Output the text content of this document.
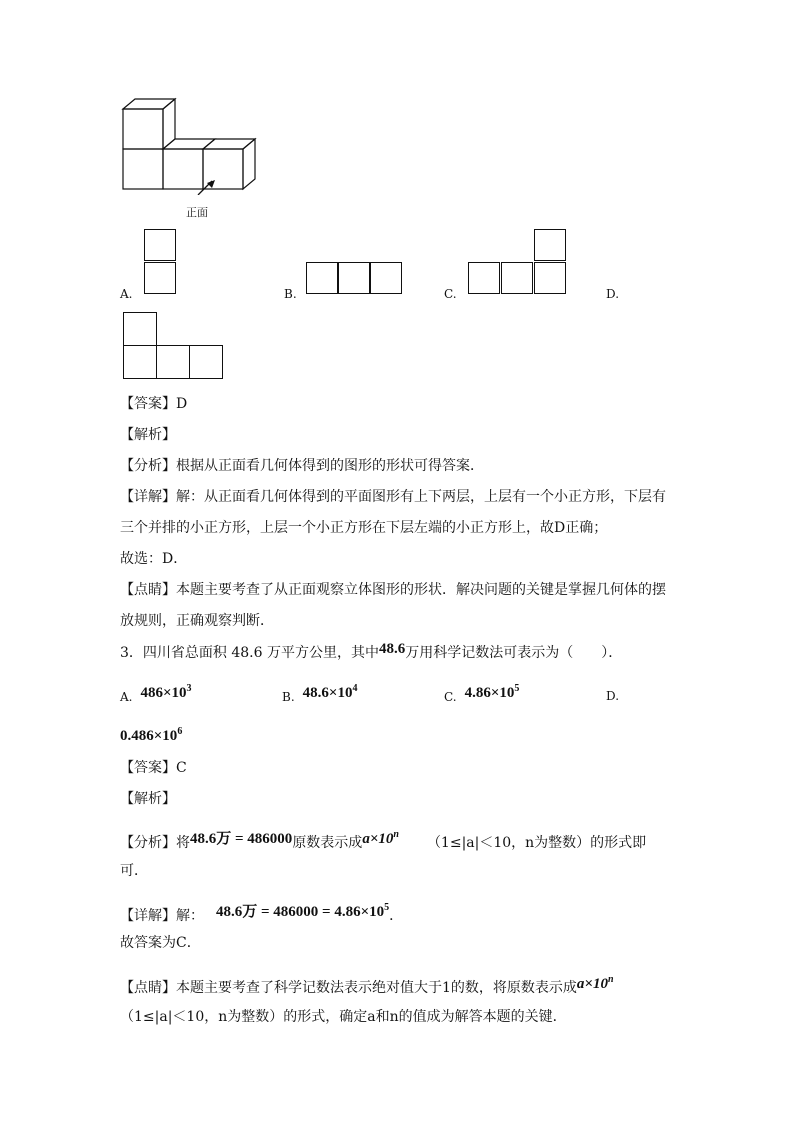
正面
A.	B.	C.	D.
【答案】D
【解析】
【分析】根据从正面看几何体得到的图形的形状可得答案．
【详解】解：从正面看几何体得到的平面图形有上下两层，上层有一个小正方形，下层有
三个并排的小正方形，上层一个小正方形在下层左端的小正方形上，故D正确；
故选：D．
【点睛】本题主要考查了从正面观察立体图形的形状．解决问题的关键是掌握几何体的摆
放规则，正确观察判断．
3．四川省总面积 48.6 万平方公里，其中48.6万用科学记数法可表示为（　　）．
A. $486\times 10^3$
B. $48.6\times 10^4$
C. $4.86\times 10^5$
D.
$0.486\times 10^6$
【答案】C
【解析】
【分析】将48.6万 = 486000原数表示成$a\times 10^n(1\le|a|<10$，n为整数）的形式即
可．
【详解】解： 48.6万 = $486000 = 4.86\times 10^5$．
故答案为C．
【点睛】本题主要考查了科学记数法表示绝对值大于1的数，将原数表示成$a\times 10^n$
（1≤|a|＜10，n为整数）的形式，确定a和n的值成为解答本题的关键．
